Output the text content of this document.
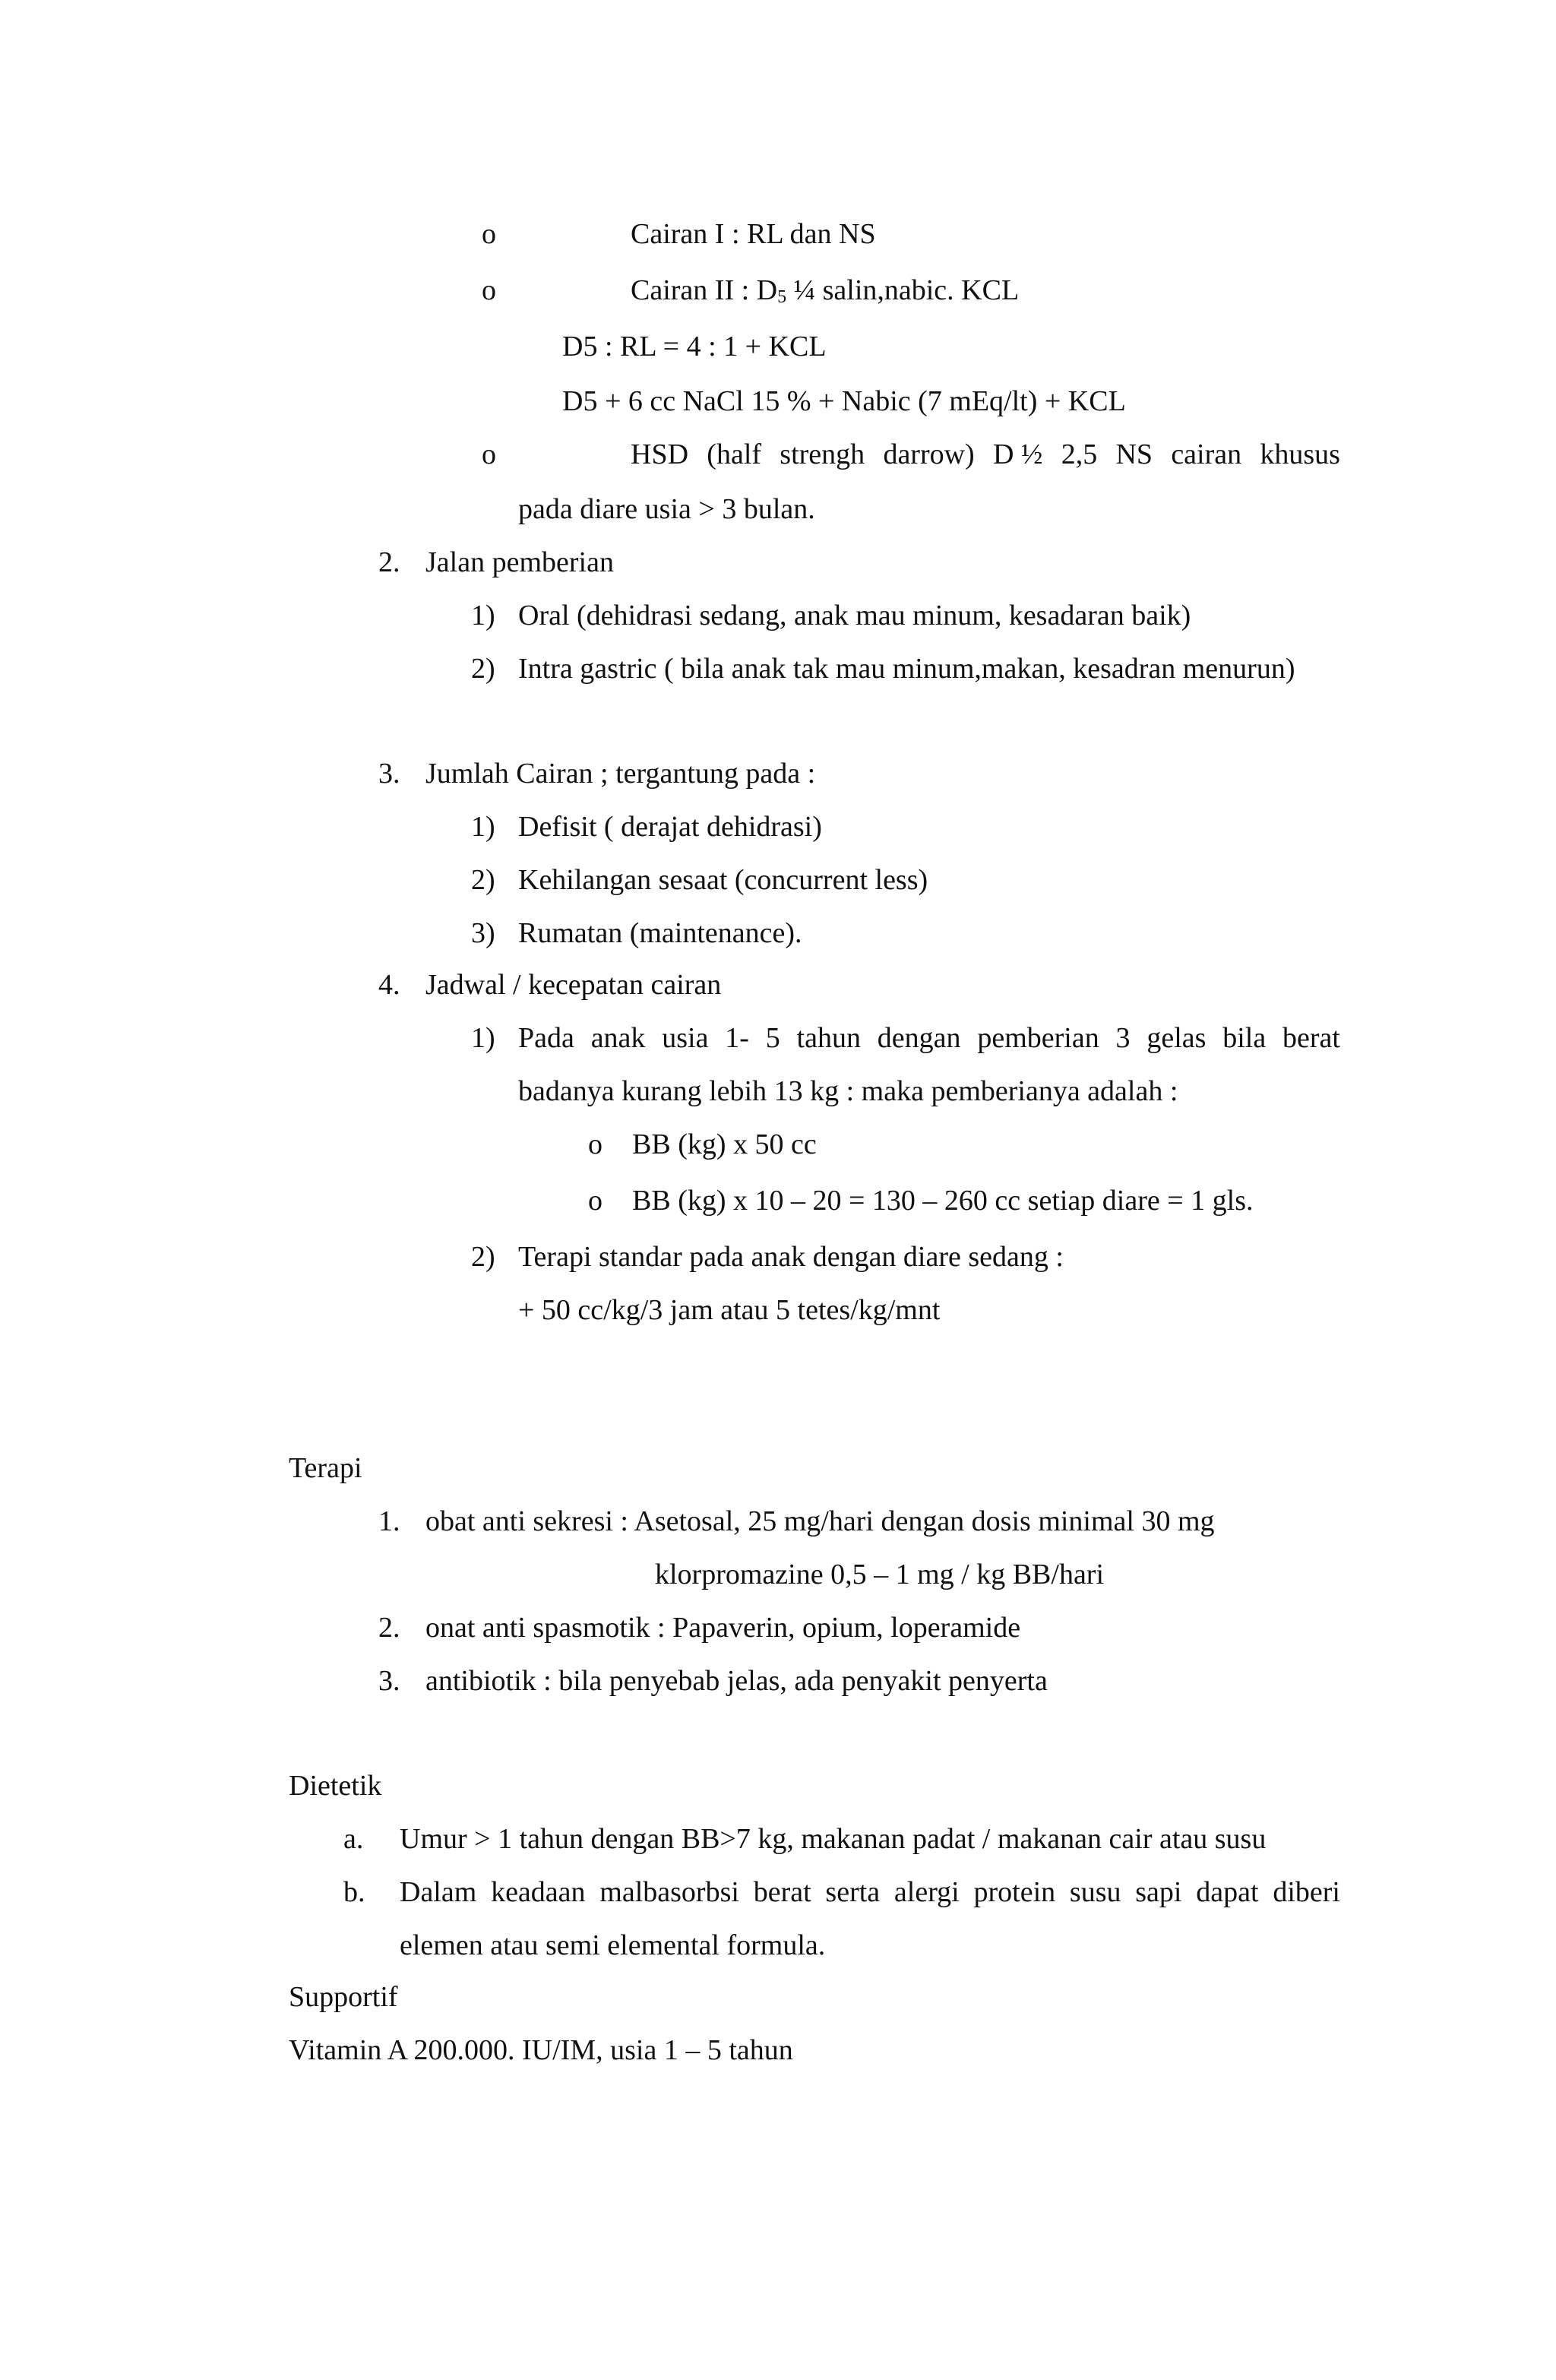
o	Cairan I : RL dan NS
o	Cairan II : $D_5$ ¼ salin,nabic. KCL
D5 : RL = 4 : 1 + KCL
D5 + 6 cc NaCl 15 % + Nabic (7 mEq/lt) + KCL
o	HSD (half strengh darrow) D ½ 2,5 NS cairan khusus
pada diare usia > 3 bulan.
2. Jalan pemberian
1) Oral (dehidrasi sedang, anak mau minum, kesadaran baik)
2) Intra gastric ( bila anak tak mau minum,makan, kesadran menurun)
3. Jumlah Cairan ; tergantung pada :
1) Defisit ( derajat dehidrasi)
2) Kehilangan sesaat (concurrent less)
3) Rumatan (maintenance).
4. Jadwal / kecepatan cairan
1) Pada anak usia 1- 5 tahun dengan pemberian 3 gelas bila berat
badanya kurang lebih 13 kg : maka pemberianya adalah :
o BB (kg) x 50 cc
o BB (kg) x 10 – 20 = 130 – 260 cc setiap diare = 1 gls.
2) Terapi standar pada anak dengan diare sedang :
+ 50 cc/kg/3 jam atau 5 tetes/kg/mnt
Terapi
1. obat anti sekresi : Asetosal, 25 mg/hari dengan dosis minimal 30 mg
klorpromazine 0,5 – 1 mg / kg BB/hari
2. onat anti spasmotik : Papaverin, opium, loperamide
3. antibiotik : bila penyebab jelas, ada penyakit penyerta
Dietetik
a. Umur > 1 tahun dengan BB>7 kg, makanan padat / makanan cair atau susu
b. Dalam keadaan malbasorbsi berat serta alergi protein susu sapi dapat diberi
elemen atau semi elemental formula.
Supportif
Vitamin A 200.000. IU/IM, usia 1 – 5 tahun
